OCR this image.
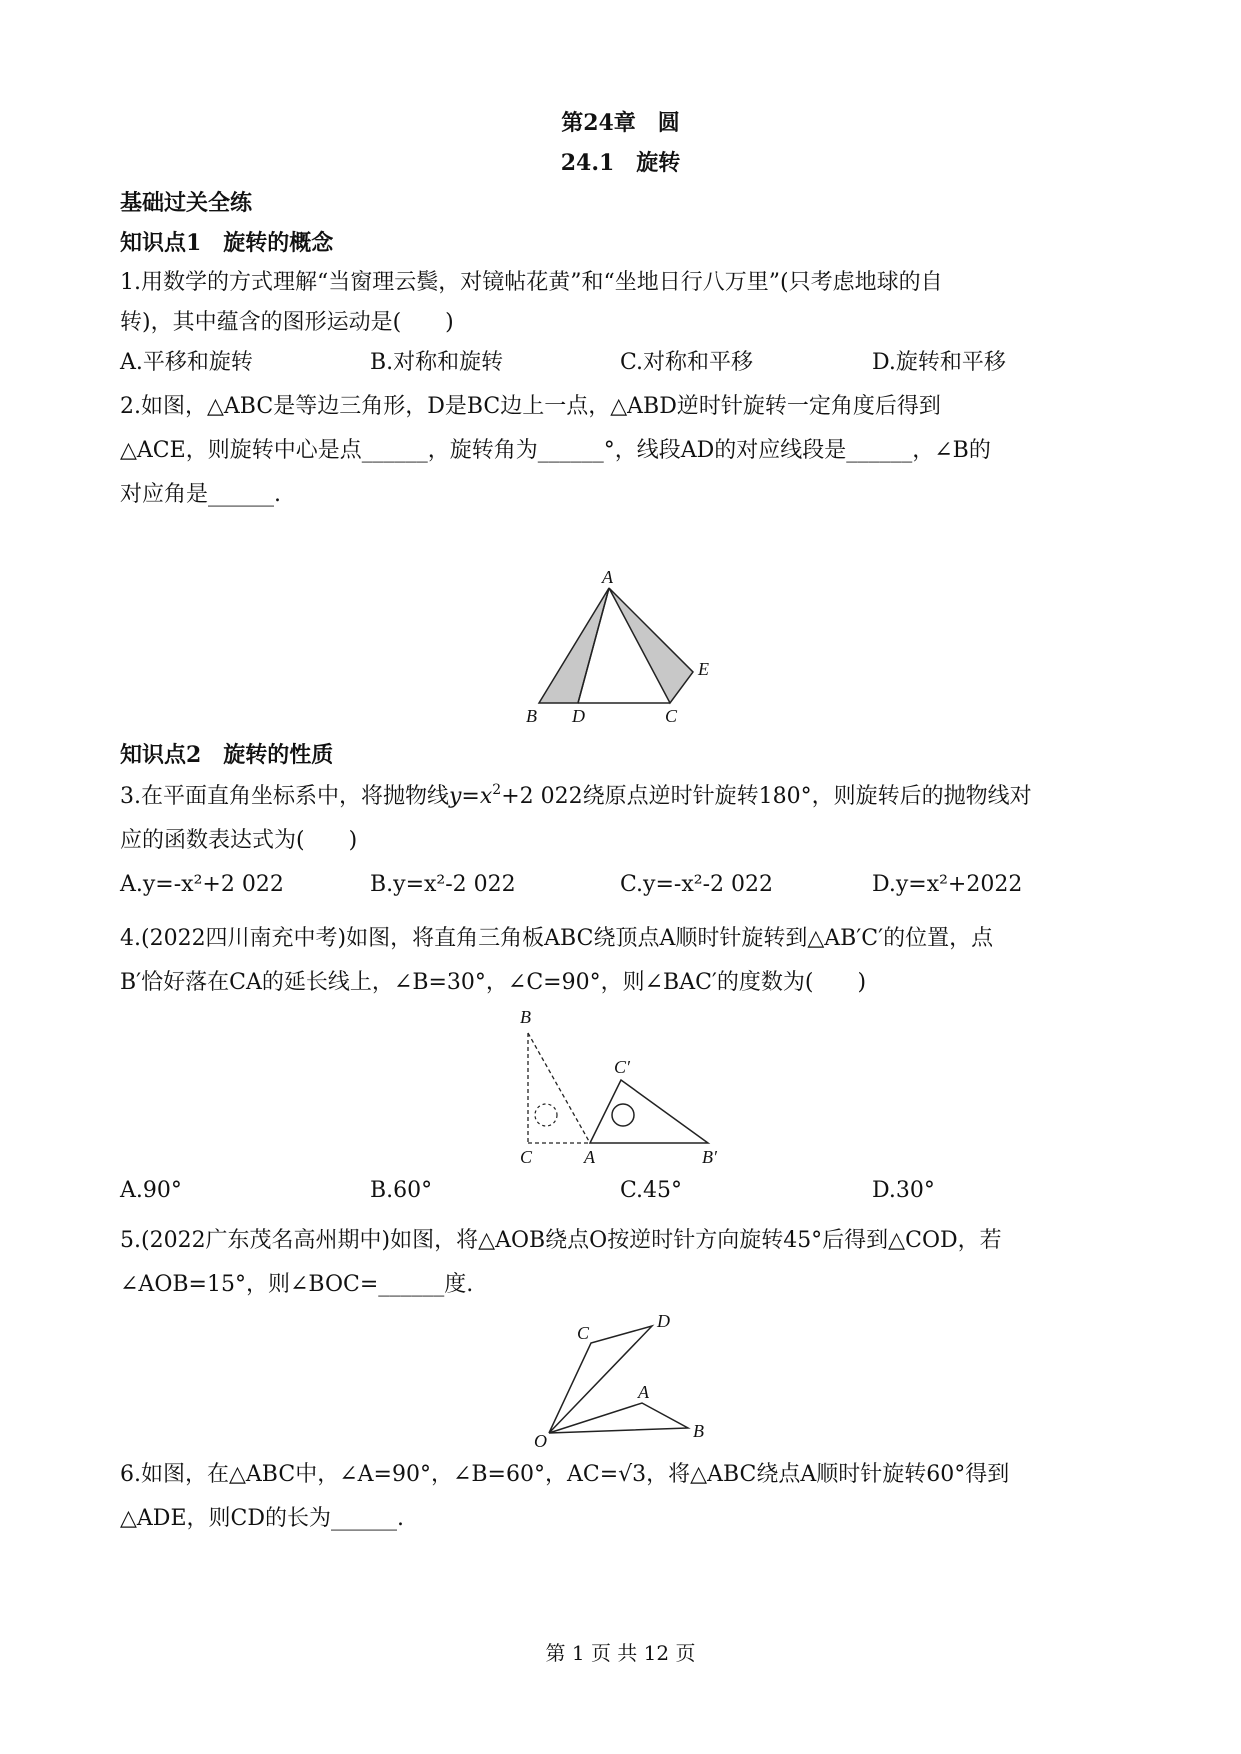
第24章　圆
24.1　旋转
基础过关全练
知识点1　旋转的概念
1.用数学的方式理解“当窗理云鬓，对镜帖花黄”和“坐地日行八万里”(只考虑地球的自
转)，其中蕴含的图形运动是(　　)
A.平移和旋转	B.对称和旋转	C.对称和平移	D.旋转和平移
2.如图，△ABC是等边三角形，D是BC边上一点，△ABD逆时针旋转一定角度后得到
△ACE，则旋转中心是点______，旋转角为______°，线段AD的对应线段是______，∠B的
对应角是______.
A
B D	C
E
知识点2　旋转的性质
3.在平面直角坐标系中，将抛物线$y=x^2+2$ 022绕原点逆时针旋转180°，则旋转后的抛物线对
应的函数表达式为(　　)
A.y=-x²+2 022	B.y=x²-2 022	C.y=-x²-2 022	D.y=x²+2022
4.(2022四川南充中考)如图，将直角三角板ABC绕顶点A顺时针旋转到△AB′C′的位置，点
B′恰好落在CA的延长线上，∠B=30°，∠C=90°，则∠BAC′的度数为(　　)
B
C	A
C′
B′
A.90°	B.60°	C.45°	D.30°
5.(2022广东茂名高州期中)如图，将△AOB绕点O按逆时针方向旋转45°后得到△COD，若
∠AOB=15°，则∠BOC=______度.
C
D
A
O	B
6.如图，在△ABC中，∠A=90°，∠B=60°，AC=√3，将△ABC绕点A顺时针旋转60°得到
△ADE，则CD的长为______.
第 1 页 共 12 页
